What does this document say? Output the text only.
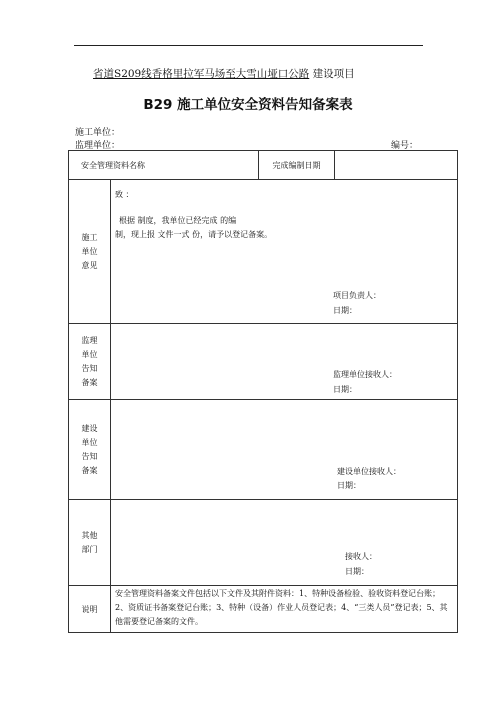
省道S209线香格里拉军马场至大雪山垭口公路 建设项目
B29 施工单位安全资料告知备案表
施工单位：
监理单位：	编号：
安全管理资料名称		完成编制日期	

施工单位意见	致 ：
根据 制度，我单位已经完成 的编
制，现上报 文件一式 份，请予以登记备案。
项目负责人：
日期：		

监理单位告知备案	监理单位接收人：
日期：		

建设单位告知备案	建设单位接收人：
日期：		

其他部门	接收人：
日期：		

说明	安全管理资料备案文件包括以下文件及其附件资料：1、特种设备检验、验收资料登记台账；2、资质证书备案登记台账；3、特种（设备）作业人员登记表；4、“三类人员”登记表；5、其他需要登记备案的文件。		
